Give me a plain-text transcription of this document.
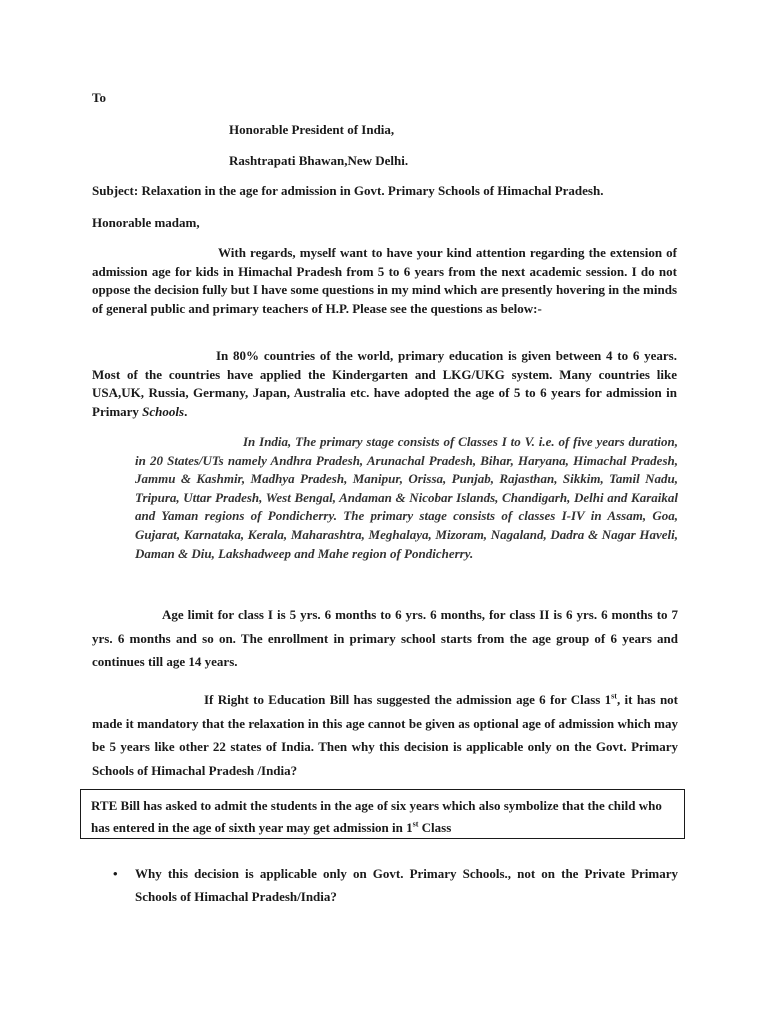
To

Honorable President of India,

Rashtrapati Bhawan,New Delhi.

Subject: Relaxation in the age for admission in Govt. Primary Schools of Himachal Pradesh.

Honorable madam,

With regards, myself want to have your kind attention regarding the extension of admission age for kids in Himachal Pradesh from 5 to 6 years from the next academic session. I do not oppose the decision fully but I have some questions in my mind which are presently hovering in the minds of general public and primary teachers of H.P. Please see the questions as below:-

In 80% countries of the world, primary education is given between 4 to 6 years. Most of the countries have applied the Kindergarten and LKG/UKG system. Many countries like USA,UK, Russia, Germany, Japan, Australia etc. have adopted the age of 5 to 6 years for admission in Primary Schools.

In India, The primary stage consists of Classes I to V. i.e. of five years duration, in 20 States/UTs namely Andhra Pradesh, Arunachal Pradesh, Bihar, Haryana, Himachal Pradesh, Jammu & Kashmir, Madhya Pradesh, Manipur, Orissa, Punjab, Rajasthan, Sikkim, Tamil Nadu, Tripura, Uttar Pradesh, West Bengal, Andaman & Nicobar Islands, Chandigarh, Delhi and Karaikal and Yaman regions of Pondicherry. The primary stage consists of classes I-IV in Assam, Goa, Gujarat, Karnataka, Kerala, Maharashtra, Meghalaya, Mizoram, Nagaland, Dadra & Nagar Haveli, Daman & Diu, Lakshadweep and Mahe region of Pondicherry.

Age limit for class I is 5 yrs. 6 months to 6 yrs. 6 months, for class II is 6 yrs. 6 months to 7 yrs. 6 months and so on. The enrollment in primary school starts from the age group of 6 years and continues till age 14 years.

If Right to Education Bill has suggested the admission age 6 for Class 1st, it has not made it mandatory that the relaxation in this age cannot be given as optional age of admission which may be 5 years like other 22 states of India. Then why this decision is applicable only on the Govt. Primary Schools of Himachal Pradesh /India?

RTE Bill has asked to admit the students in the age of six years which also symbolize that the child who has entered in the age of sixth year may get admission in 1st Class
• Why this decision is applicable only on Govt. Primary Schools., not on the Private Primary Schools of Himachal Pradesh/India?
